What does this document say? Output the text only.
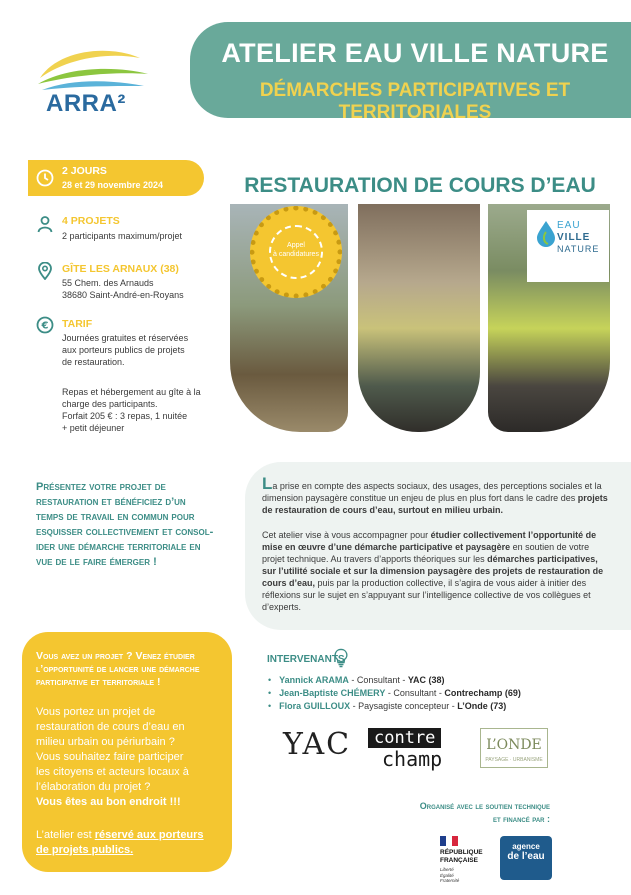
ARRA²
ATELIER EAU VILLE NATURE
DÉMARCHES PARTICIPATIVES ET TERRITORIALES
2 JOURS
28 et 29 novembre 2024
4 PROJETS
2 participants maximum/projet
GÎTE LES ARNAUX (38)
55 Chem. des Arnauds
38680 Saint-André-en-Royans
€ TARIF
Journées gratuites et réservées
aux porteurs publics de projets
de restauration.
Repas et hébergement au gîte à la
charge des participants.
Forfait 205 € : 3 repas, 1 nuitée
+ petit déjeuner
RESTAURATION DE COURS D’EAU
Appel
à candidatures
EAU
VILLE
NATURE
Présentez votre projet de
restauration et bénéficiez d’un
temps de travail en commun pour
esquisser collectivement et consol-
ider une démarche territoriale en
vue de le faire émerger !
La prise en compte des aspects sociaux, des usages, des perceptions sociales et la dimension paysagère constitue un enjeu de plus en plus fort dans le cadre des projets de restauration de cours d’eau, surtout en milieu urbain.
Cet atelier vise à vous accompagner pour étudier collectivement l’opportunité de mise en œuvre d’une démarche participative et paysagère en soutien de votre projet technique. Au travers d’apports théoriques sur les démarches participatives, sur l’utilité sociale et sur la dimension paysagère des projets de restauration de cours d’eau, puis par la production collective, il s’agira de vous aider à initier des réflexions sur le sujet en s’appuyant sur l’intelligence collective de vos collègues et d’experts.
Vous avez un projet ? Venez étudier
l’opportunité de lancer une démarche
participative et territoriale !
Vous portez un projet de
restauration de cours d’eau en
milieu urbain ou périurbain ?
Vous souhaitez faire participer
les citoyens et acteurs locaux à
l’élaboration du projet ?
Vous êtes au bon endroit !!!
L’atelier est réservé aux porteurs
de projets publics.
INTERVENANTS
• Yannick ARAMA - Consultant - YAC (38)
• Jean-Baptiste CHÉMERY - Consultant - Contrechamp (69)
• Flora GUILLOUX - Paysagiste concepteur - L’Onde (73)
YAC	contre
champ
L’ONDE
PAYSAGE · URBANISME
Organisé avec le soutien technique
et financé par :
RÉPUBLIQUE
FRANÇAISE
Liberté
Égalité
Fraternité
agence
de l’eau
